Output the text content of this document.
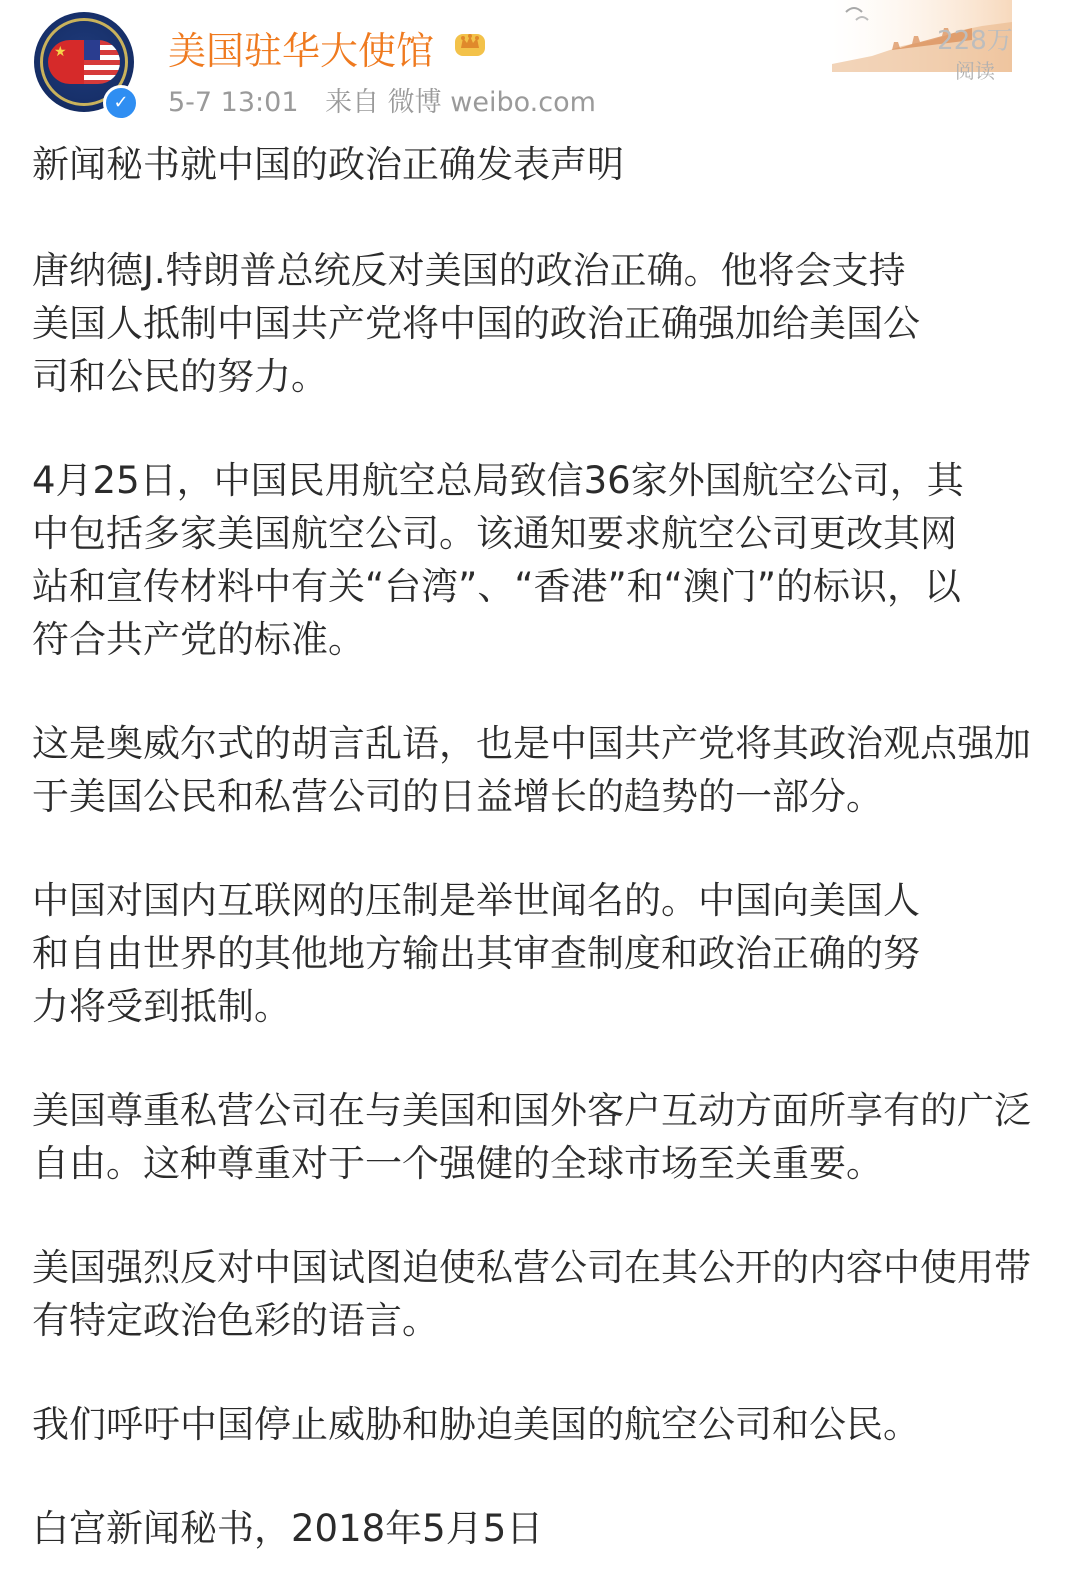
★
✓
美国驻华大使馆
5-7 13:01 来自 微博 weibo.com
228万
阅读

新闻秘书就中国的政治正确发表声明

唐纳德J.特朗普总统反对美国的政治正确。他将会支持美国人抵制中国共产党将中国的政治正确强加给美国公司和公民的努力。

4月25日，中国民用航空总局致信36家外国航空公司，其中包括多家美国航空公司。该通知要求航空公司更改其网站和宣传材料中有关“台湾”、“香港”和“澳门”的标识，以符合共产党的标准。

这是奥威尔式的胡言乱语，也是中国共产党将其政治观点强加于美国公民和私营公司的日益增长的趋势的一部分。

中国对国内互联网的压制是举世闻名的。中国向美国人和自由世界的其他地方输出其审查制度和政治正确的努力将受到抵制。

美国尊重私营公司在与美国和国外客户互动方面所享有的广泛自由。这种尊重对于一个强健的全球市场至关重要。

美国强烈反对中国试图迫使私营公司在其公开的内容中使用带有特定政治色彩的语言。

我们呼吁中国停止威胁和胁迫美国的航空公司和公民。

白宫新闻秘书，2018年5月5日
